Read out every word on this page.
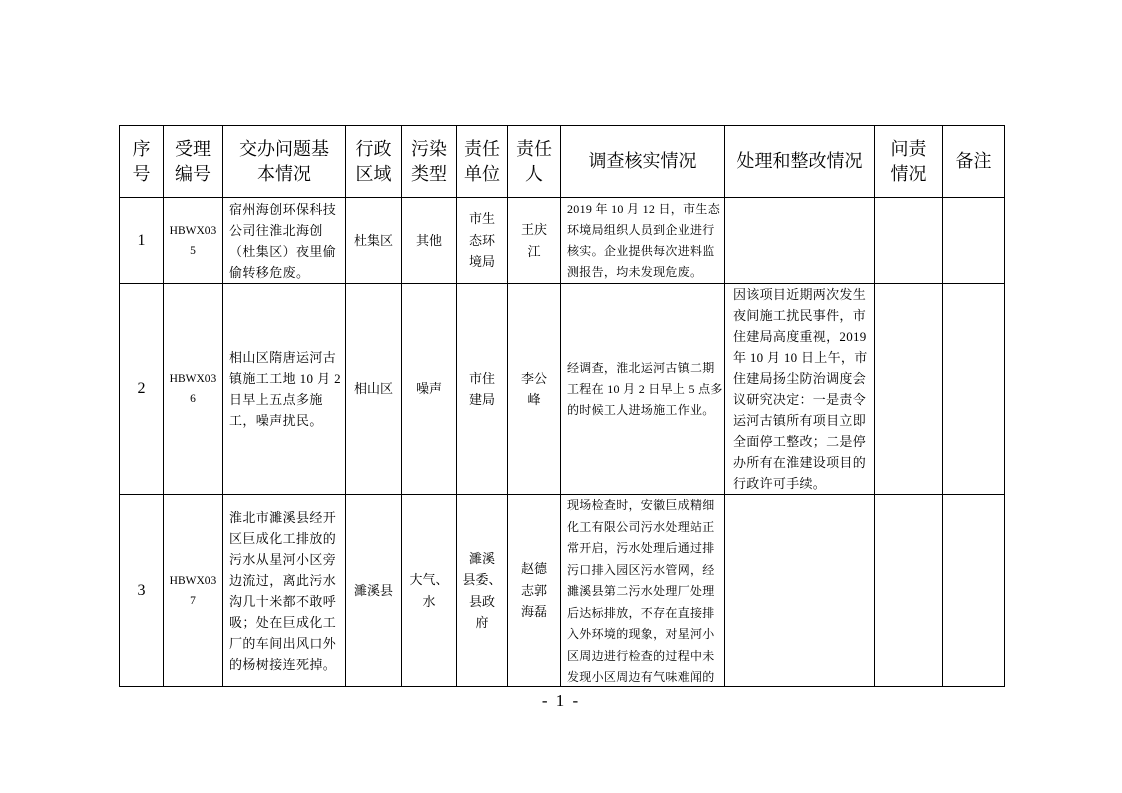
序
号
受理
编号
交办问题基
本情况
行政
区域
污染
类型
责任
单位
责任
人
调查核实情况 处理和整改情况
问责
情况
备注
1
HBWX03
5
宿州海创环保科技
公司往淮北海创
（杜集区）夜里偷
偷转移危废。
杜集区 其他
市生
态环
境局
王庆
江
2019 年 10 月 12 日，市生态
环境局组织人员到企业进行
核实。企业提供每次进料监
测报告，均未发现危废。
2
HBWX03
6
相山区隋唐运河古
镇施工工地 10 月 2
日早上五点多施
工，噪声扰民。
相山区 噪声
市住
建局
李公
峰
经调查，淮北运河古镇二期
工程在 10 月 2 日早上 5 点多
的时候工人进场施工作业。
因该项目近期两次发生
夜间施工扰民事件，市
住建局高度重视，2019
年 10 月 10 日上午，市
住建局扬尘防治调度会
议研究决定：一是责令
运河古镇所有项目立即
全面停工整改；二是停
办所有在淮建设项目的
行政许可手续。
3
HBWX03
7
淮北市濉溪县经开
区巨成化工排放的
污水从星河小区旁
边流过，离此污水
沟几十米都不敢呼
吸；处在巨成化工
厂的车间出风口外
的杨树接连死掉。
濉溪县
大气、
水
濉溪
县委、
县政
府
赵德
志郭
海磊
现场检查时，安徽巨成精细
化工有限公司污水处理站正
常开启，污水处理后通过排
污口排入园区污水管网，经
濉溪县第二污水处理厂处理
后达标排放，不存在直接排
入外环境的现象，对星河小
区周边进行检查的过程中未
发现小区周边有气味难闻的
- 1 -
